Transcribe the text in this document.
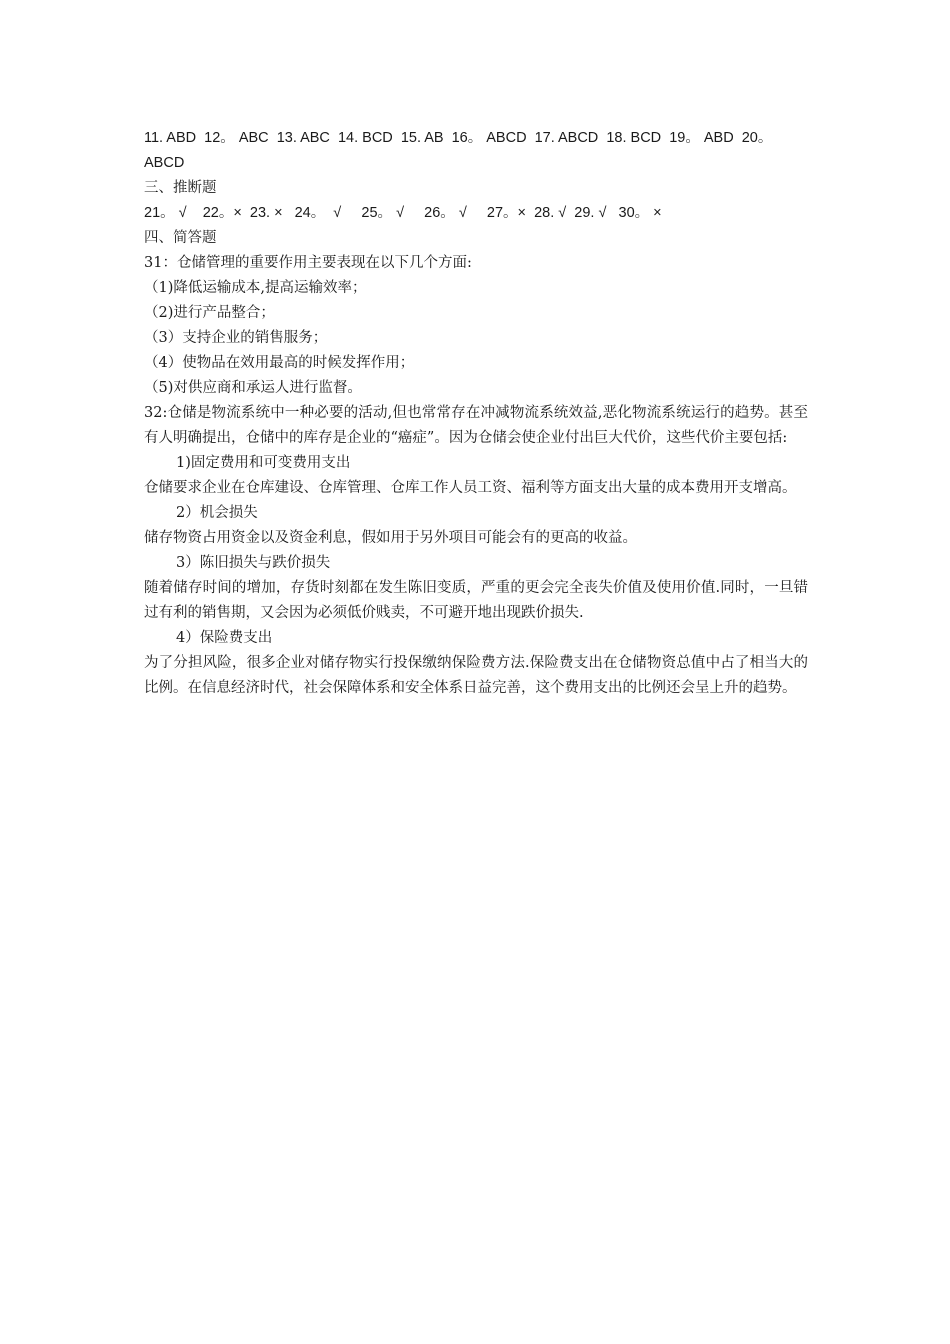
11. ABD  12。 ABC  13. ABC  14. BCD  15. AB  16。 ABCD  17. ABCD  18. BCD  19。 ABD  20。

ABCD

三、推断题

21。 √    22。×  23. ×   24。  √     25。 √     26。 √     27。×  28. √  29. √   30。 ×

四、简答题

31：仓储管理的重要作用主要表现在以下几个方面:

（1)降低运输成本,提高运输效率；

（2)进行产品整合；

（3）支持企业的销售服务；

（4）使物品在效用最高的时候发挥作用；

（5)对供应商和承运人进行监督。

32:仓储是物流系统中一种必要的活动,但也常常存在冲减物流系统效益,恶化物流系统运行的趋势。甚至有人明确提出，仓储中的库存是企业的“癌症”。因为仓储会使企业付出巨大代价，这些代价主要包括:

1)固定费用和可变费用支出

仓储要求企业在仓库建设、仓库管理、仓库工作人员工资、福利等方面支出大量的成本费用开支增高。

2）机会损失

储存物资占用资金以及资金利息，假如用于另外项目可能会有的更高的收益。

3）陈旧损失与跌价损失

随着储存时间的增加，存货时刻都在发生陈旧变质，严重的更会完全丧失价值及使用价值.同时，一旦错过有利的销售期，又会因为必须低价贱卖，不可避开地出现跌价损失.

4）保险费支出

为了分担风险，很多企业对储存物实行投保缴纳保险费方法.保险费支出在仓储物资总值中占了相当大的比例。在信息经济时代，社会保障体系和安全体系日益完善，这个费用支出的比例还会呈上升的趋势。
